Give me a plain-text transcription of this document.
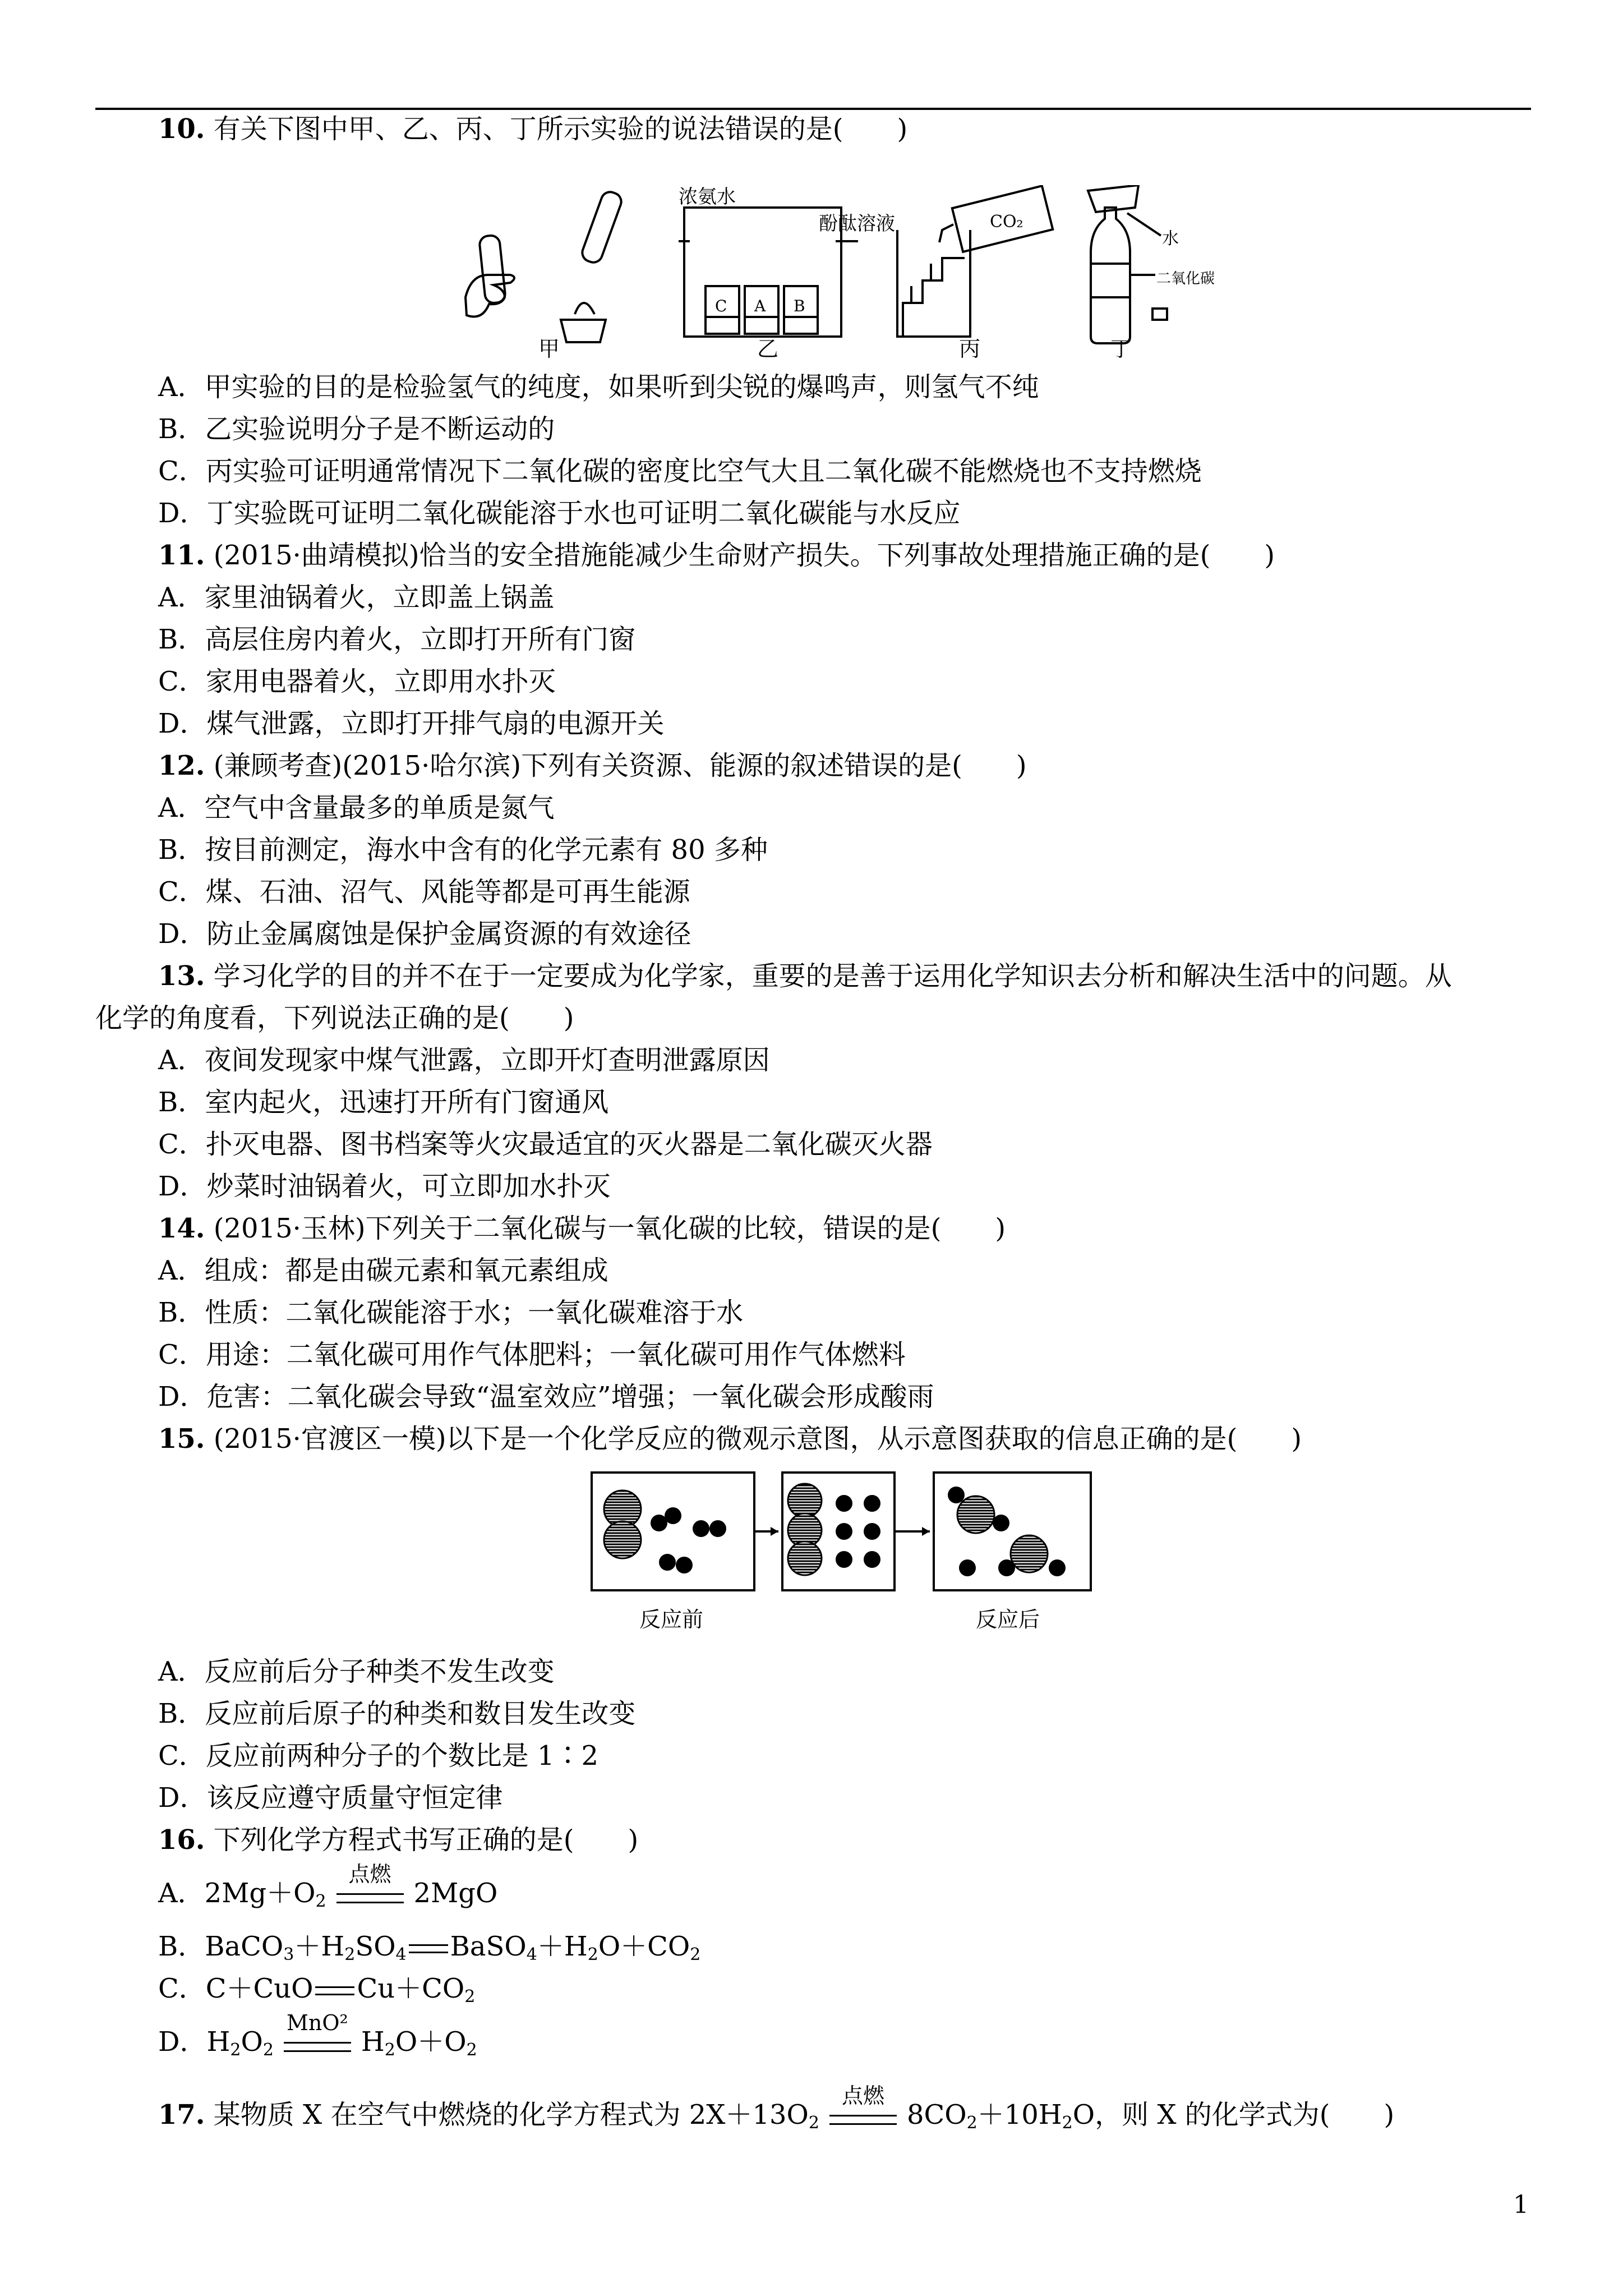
10. 有关下图中甲、乙、丙、丁所示实验的说法错误的是(　　)
浓氨水
酚酞溶液
C A B
CO₂
水
二氧化碳
甲	乙	丙	丁
A．甲实验的目的是检验氢气的纯度，如果听到尖锐的爆鸣声，则氢气不纯
B．乙实验说明分子是不断运动的
C．丙实验可证明通常情况下二氧化碳的密度比空气大且二氧化碳不能燃烧也不支持燃烧
D．丁实验既可证明二氧化碳能溶于水也可证明二氧化碳能与水反应
11. (2015·曲靖模拟)恰当的安全措施能减少生命财产损失。下列事故处理措施正确的是(　　)
A．家里油锅着火，立即盖上锅盖
B．高层住房内着火，立即打开所有门窗
C．家用电器着火，立即用水扑灭
D．煤气泄露，立即打开排气扇的电源开关
12. (兼顾考查)(2015·哈尔滨)下列有关资源、能源的叙述错误的是(　　)
A．空气中含量最多的单质是氮气
B．按目前测定，海水中含有的化学元素有 80 多种
C．煤、石油、沼气、风能等都是可再生能源
D．防止金属腐蚀是保护金属资源的有效途径
13. 学习化学的目的并不在于一定要成为化学家，重要的是善于运用化学知识去分析和解决生活中的问题。从
化学的角度看，下列说法正确的是(　　)
A．夜间发现家中煤气泄露，立即开灯查明泄露原因
B．室内起火，迅速打开所有门窗通风
C．扑灭电器、图书档案等火灾最适宜的灭火器是二氧化碳灭火器
D．炒菜时油锅着火，可立即加水扑灭
14. (2015·玉林)下列关于二氧化碳与一氧化碳的比较，错误的是(　　)
A．组成：都是由碳元素和氧元素组成
B．性质：二氧化碳能溶于水；一氧化碳难溶于水
C．用途：二氧化碳可用作气体肥料；一氧化碳可用作气体燃料
D．危害：二氧化碳会导致“温室效应”增强；一氧化碳会形成酸雨
15. (2015·官渡区一模)以下是一个化学反应的微观示意图，从示意图获取的信息正确的是(　　)
反应前	反应后
A．反应前后分子种类不发生改变
B．反应前后原子的种类和数目发生改变
C．反应前两种分子的个数比是 1∶2
D．该反应遵守质量守恒定律
16. 下列化学方程式书写正确的是(　　)
A．$2Mg+O_2$
点燃
2MgO
B．$BaCO_3+H_2SO_4$ $BaSO_4+H_2O+CO_2$
C．C＋CuO $Cu+CO_2$
D．$H_2O_2$
MnO²
$H_2O+O_2$
17. 某物质 X 在空气中燃烧的化学方程式为 $2X+13O_2$
点燃
$8CO_2+10H_2O$，则 X 的化学式为(　　)
1
